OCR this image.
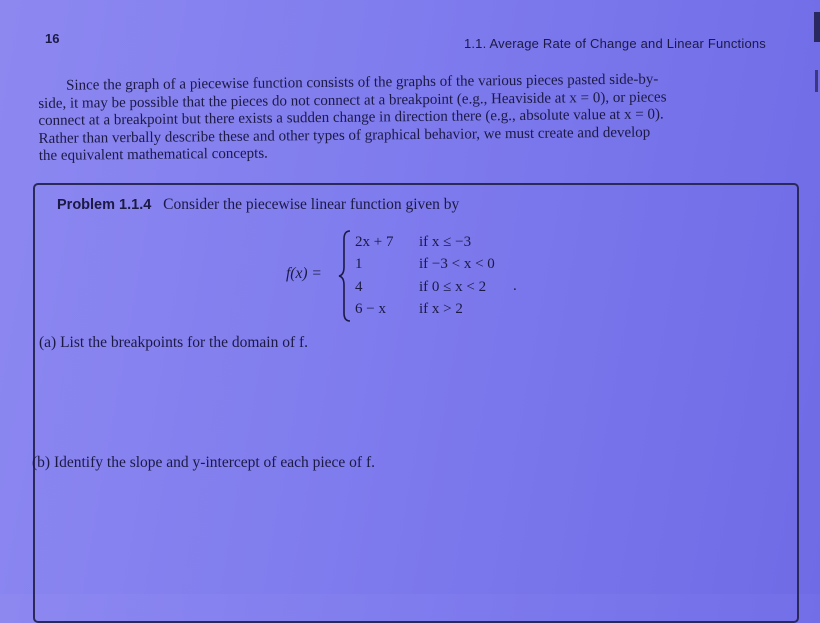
16	1.1. Average Rate of Change and Linear Functions

Since the graph of a piecewise function consists of the graphs of the various pieces pasted side-by-
side, it may be possible that the pieces do not connect at a breakpoint (e.g., Heaviside at x = 0), or pieces
connect at a breakpoint but there exists a sudden change in direction there (e.g., absolute value at x = 0).
Rather than verbally describe these and other types of graphical behavior, we must create and develop
the equivalent mathematical concepts.

Problem 1.1.4 Consider the piecewise linear function given by
f(x) =
2x + 7	if x ≤ −3
1	if −3 < x < 0
4	if 0 ≤ x < 2
6 − x	if x > 2
.
(a) List the breakpoints for the domain of f.
(b) Identify the slope and y-intercept of each piece of f.
